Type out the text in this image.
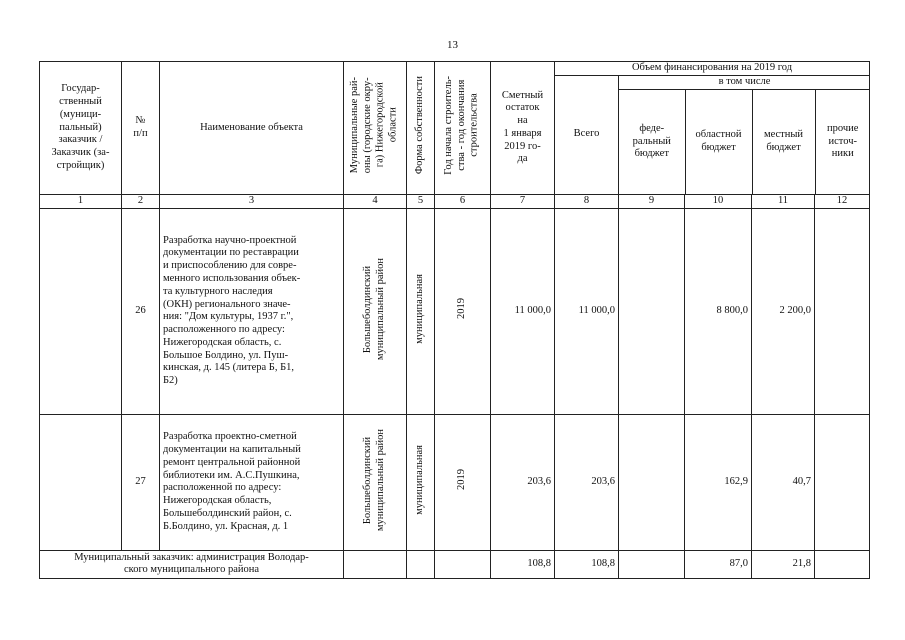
13
Государ-
ственный
(муници-
пальный)
заказчик /
Заказчик (за-
стройщик)	№
п/п	Наименование объекта	Муниципальные рай-
оны (городские окру-
га) Нижегородской
области	Форма собственности	Год начала строитель-
ства - год окончания
строительства	Сметный
остаток
на
1 января
2019 го-
да	Объем финансирования на 2019 год
Всего	
в том числе
феде-
ральный
бюджет	областной
бюджет	местный
бюджет	прочие
источ-
ники

1	2	3	4	5	6	7	8	9	10	11	12
	26	Разработка научно-проектной
документации по реставрации
и приспособлению для совре-
менного использования объек-
та культурного наследия
(ОКН) регионального значе-
ния: "Дом культуры, 1937 г.",
расположенного по адресу:
Нижегородская область, с.
Большое Болдино, ул. Пуш-
кинская, д. 145 (литера Б, Б1,
Б2)	Большеболдинский
муниципальный район	муниципальная	2019	11 000,0	11 000,0		8 800,0	2 200,0	
	27	Разработка проектно-сметной
документации на капитальный
ремонт центральной районной
библиотеки им. А.С.Пушкина,
расположенной по адресу:
Нижегородская область,
Большеболдинский район, с.
Б.Болдино, ул. Красная, д. 1	Большеболдинский
муниципальный район	муниципальная	2019	203,6	203,6		162,9	40,7	
Муниципальный заказчик: администрация Володар-
ского муниципального района				108,8	108,8		87,0	21,8	
